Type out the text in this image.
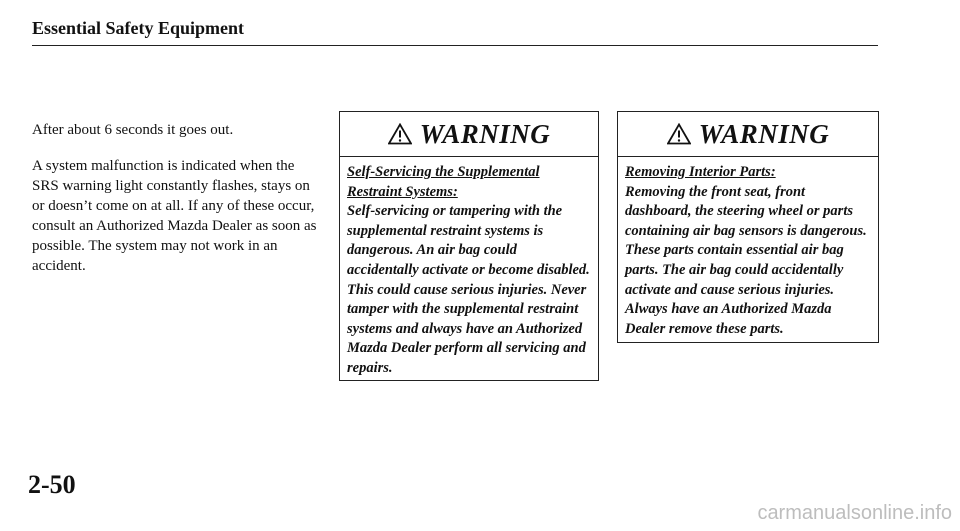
Essential Safety Equipment

After about 6 seconds it goes out.

A system malfunction is indicated when the SRS warning light constantly flashes, stays on or doesn’t come on at all. If any of these occur, consult an Authorized Mazda Dealer as soon as possible. The system may not work in an accident.

WARNING
Self-Servicing the Supplemental Restraint Systems:
Self-servicing or tampering with the supplemental restraint systems is dangerous. An air bag could accidentally activate or become disabled. This could cause serious injuries. Never tamper with the supplemental restraint systems and always have an Authorized Mazda Dealer perform all servicing and repairs.
WARNING
Removing Interior Parts:
Removing the front seat, front dashboard, the steering wheel or parts containing air bag sensors is dangerous. These parts contain essential air bag parts. The air bag could accidentally activate and cause serious injuries. Always have an Authorized Mazda Dealer remove these parts.
2-50
carmanualsonline.info
